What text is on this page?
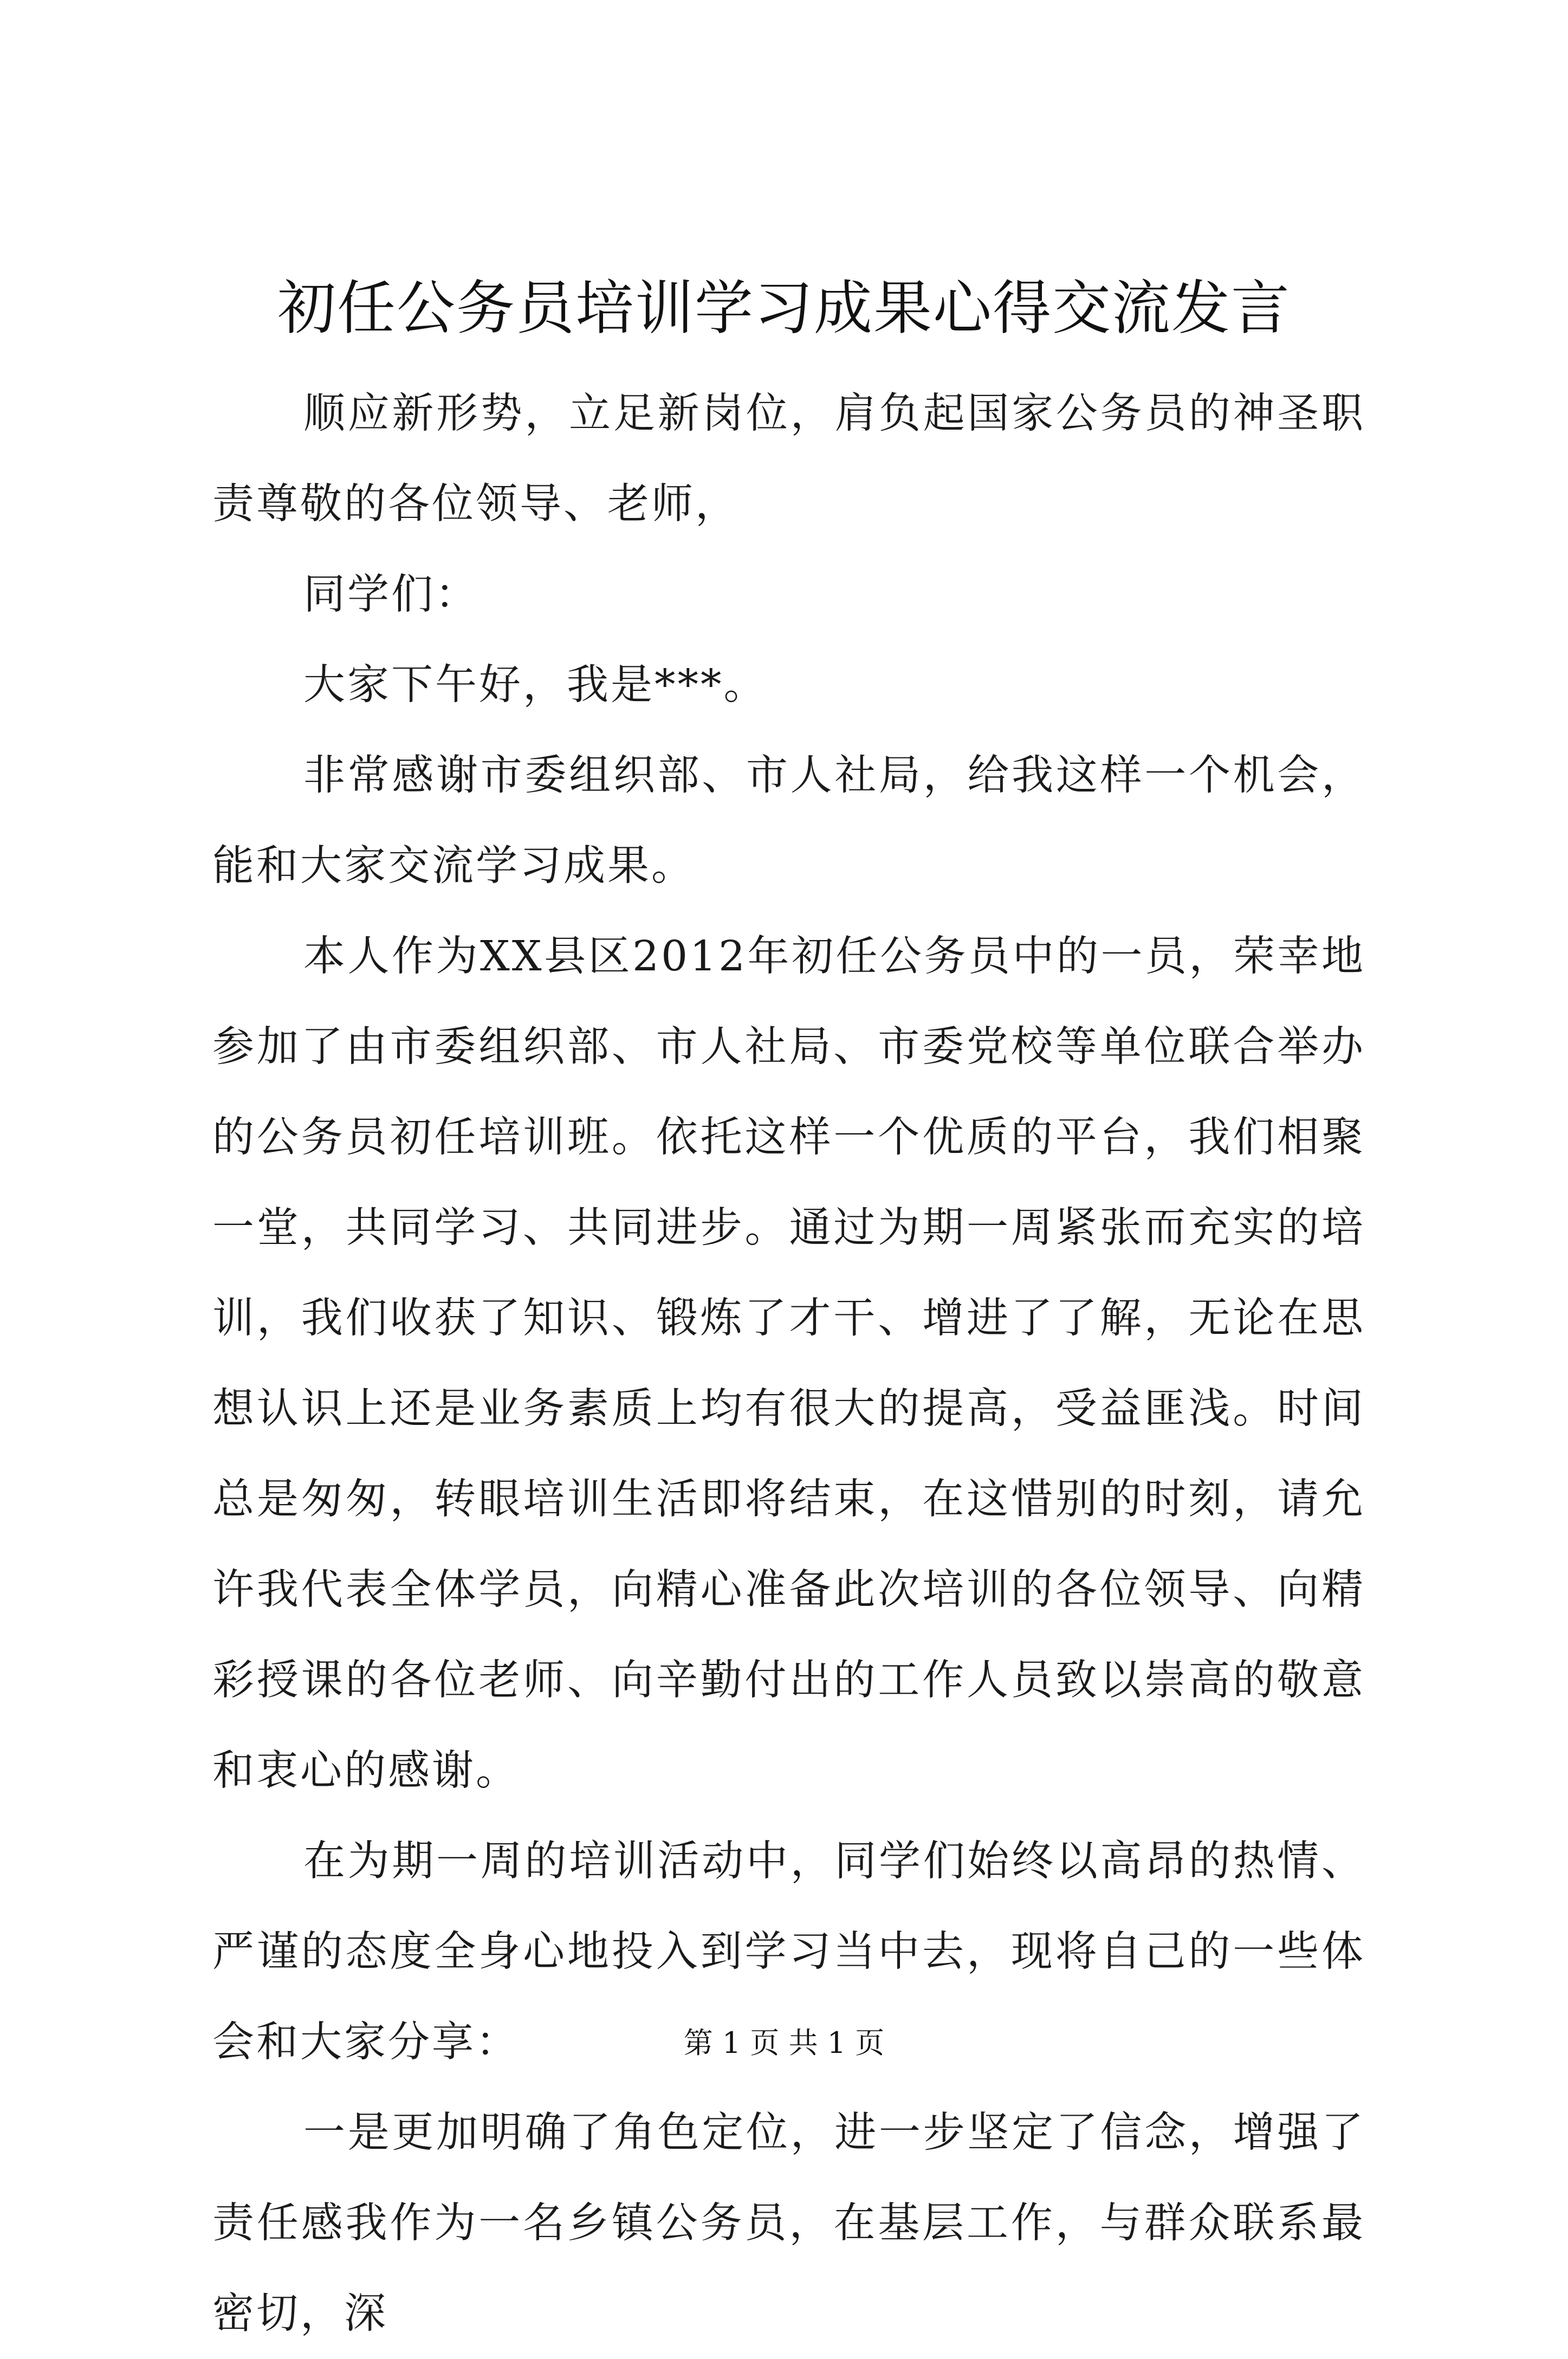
初任公务员培训学习成果心得交流发言

顺应新形势，立足新岗位，肩负起国家公务员的神圣职责尊敬的各位领导、老师，

同学们：

大家下午好，我是***。

非常感谢市委组织部、市人社局，给我这样一个机会，能和大家交流学习成果。

本人作为XX县区2012年初任公务员中的一员，荣幸地参加了由市委组织部、市人社局、市委党校等单位联合举办的公务员初任培训班。依托这样一个优质的平台，我们相聚一堂，共同学习、共同进步。通过为期一周紧张而充实的培训，我们收获了知识、锻炼了才干、增进了了解，无论在思想认识上还是业务素质上均有很大的提高，受益匪浅。时间总是匆匆，转眼培训生活即将结束，在这惜别的时刻，请允许我代表全体学员，向精心准备此次培训的各位领导、向精彩授课的各位老师、向辛勤付出的工作人员致以崇高的敬意和衷心的感谢。

在为期一周的培训活动中，同学们始终以高昂的热情、严谨的态度全身心地投入到学习当中去，现将自己的一些体会和大家分享：

一是更加明确了角色定位，进一步坚定了信念，增强了责任感我作为一名乡镇公务员，在基层工作，与群众联系最密切，深

第 1 页 共 1 页
